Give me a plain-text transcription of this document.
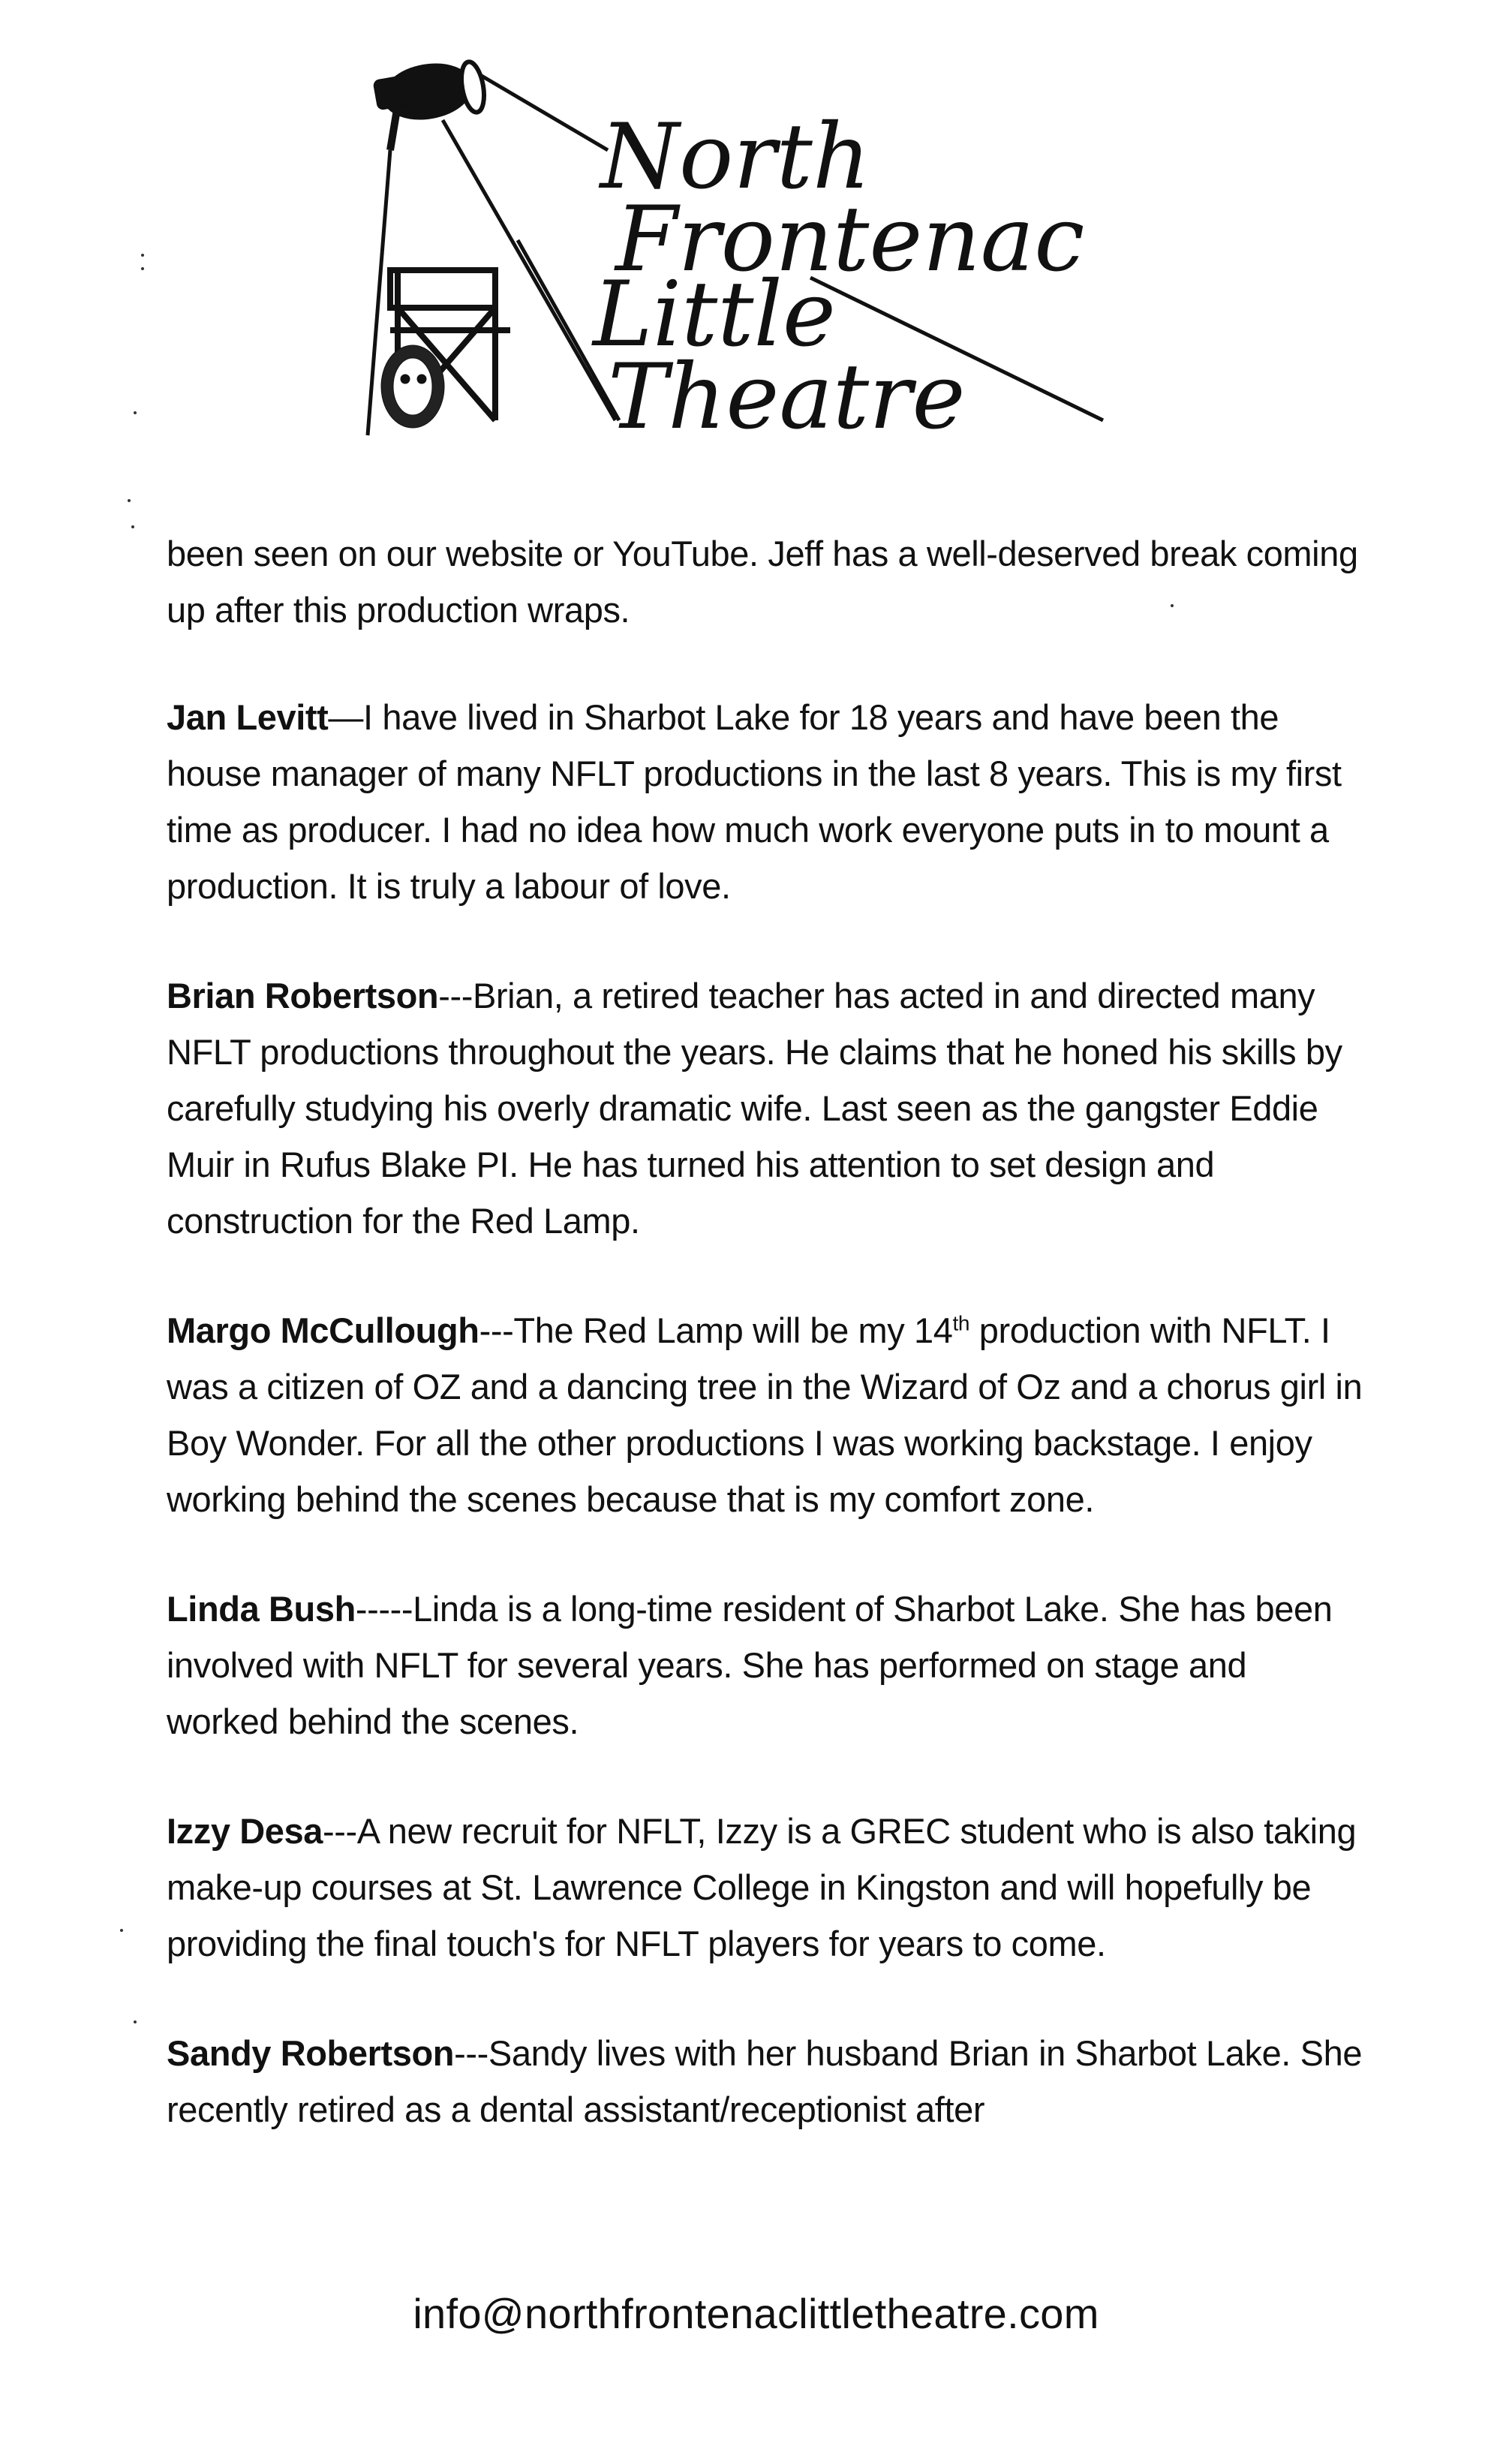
North
Frontenac
Little
Theatre

been seen on our website or YouTube. Jeff has a well-deserved break coming up after this production wraps.

Jan Levitt—I have lived in Sharbot Lake for 18 years and have been the house manager of many NFLT productions in the last 8 years. This is my first time as producer. I had no idea how much work everyone puts in to mount a production. It is truly a labour of love.

Brian Robertson---Brian, a retired teacher has acted in and directed many NFLT productions throughout the years. He claims that he honed his skills by carefully studying his overly dramatic wife. Last seen as the gangster Eddie Muir in Rufus Blake PI. He has turned his attention to set design and construction for the Red Lamp.

Margo McCullough---The Red Lamp will be my 14th production with NFLT. I was a citizen of OZ and a dancing tree in the Wizard of Oz and a chorus girl in Boy Wonder. For all the other productions I was working backstage. I enjoy working behind the scenes because that is my comfort zone.

Linda Bush-----Linda is a long-time resident of Sharbot Lake. She has been involved with NFLT for several years. She has performed on stage and worked behind the scenes.

Izzy Desa---A new recruit for NFLT, Izzy is a GREC student who is also taking make-up courses at St. Lawrence College in Kingston and will hopefully be providing the final touch's for NFLT players for years to come.

Sandy Robertson---Sandy lives with her husband Brian in Sharbot Lake. She recently retired as a dental assistant/receptionist after

info@northfrontenaclittletheatre.com
